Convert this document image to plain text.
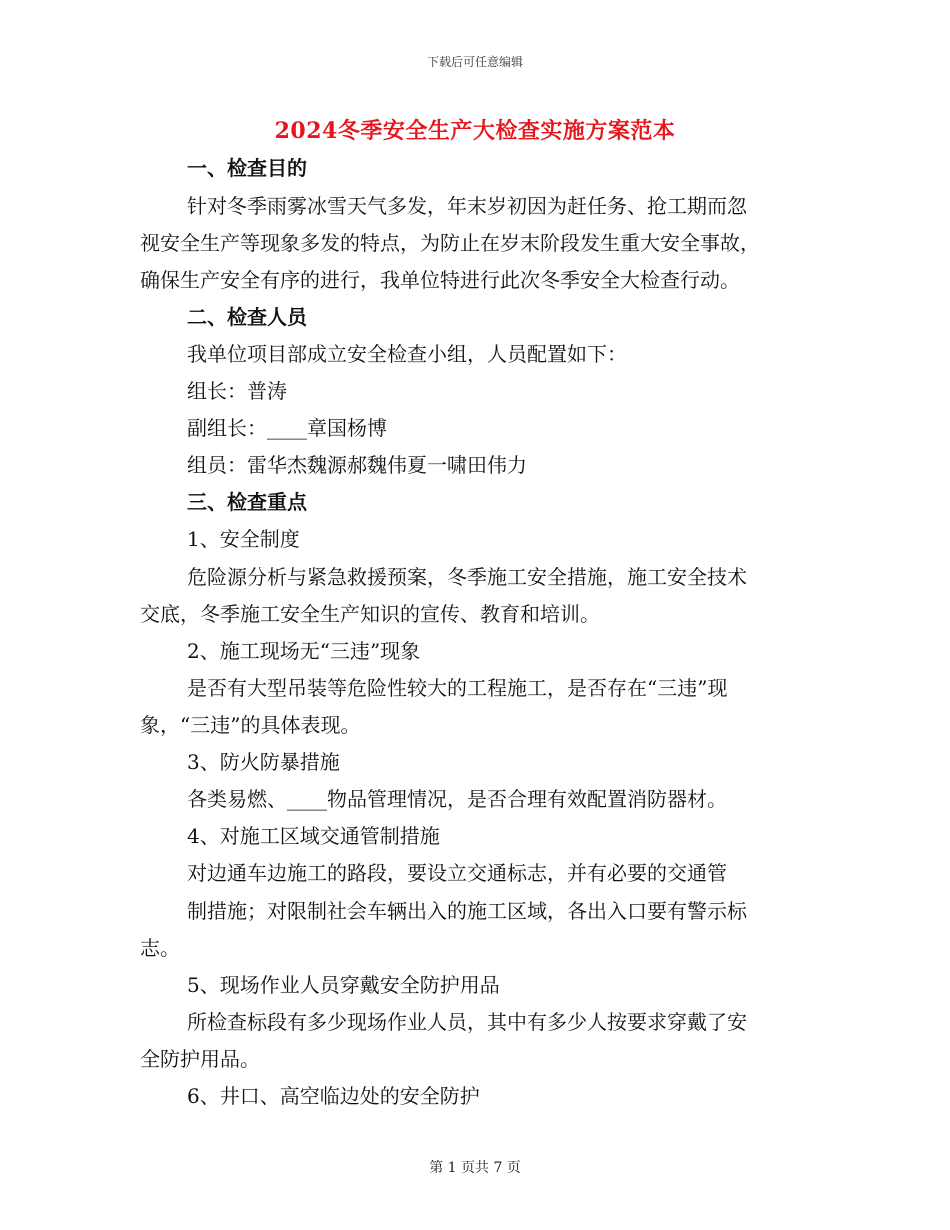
下载后可任意编辑
2024冬季安全生产大检查实施方案范本
一、检查目的
针对冬季雨雾冰雪天气多发，年末岁初因为赶任务、抢工期而忽
视安全生产等现象多发的特点，为防止在岁末阶段发生重大安全事故，
确保生产安全有序的进行，我单位特进行此次冬季安全大检查行动。
二、检查人员
我单位项目部成立安全检查小组，人员配置如下：
组长：普涛
副组长：____章国杨博
组员：雷华杰魏源郝魏伟夏一啸田伟力
三、检查重点
1、安全制度
危险源分析与紧急救援预案，冬季施工安全措施，施工安全技术
交底，冬季施工安全生产知识的宣传、教育和培训。
2、施工现场无“三违”现象
是否有大型吊装等危险性较大的工程施工，是否存在“三违”现
象，“三违”的具体表现。
3、防火防暴措施
各类易燃、____物品管理情况，是否合理有效配置消防器材。
4、对施工区域交通管制措施
对边通车边施工的路段，要设立交通标志，并有必要的交通管
制措施；对限制社会车辆出入的施工区域，各出入口要有警示标
志。
5、现场作业人员穿戴安全防护用品
所检查标段有多少现场作业人员，其中有多少人按要求穿戴了安
全防护用品。
6、井口、高空临边处的安全防护
第 1 页共 7 页
